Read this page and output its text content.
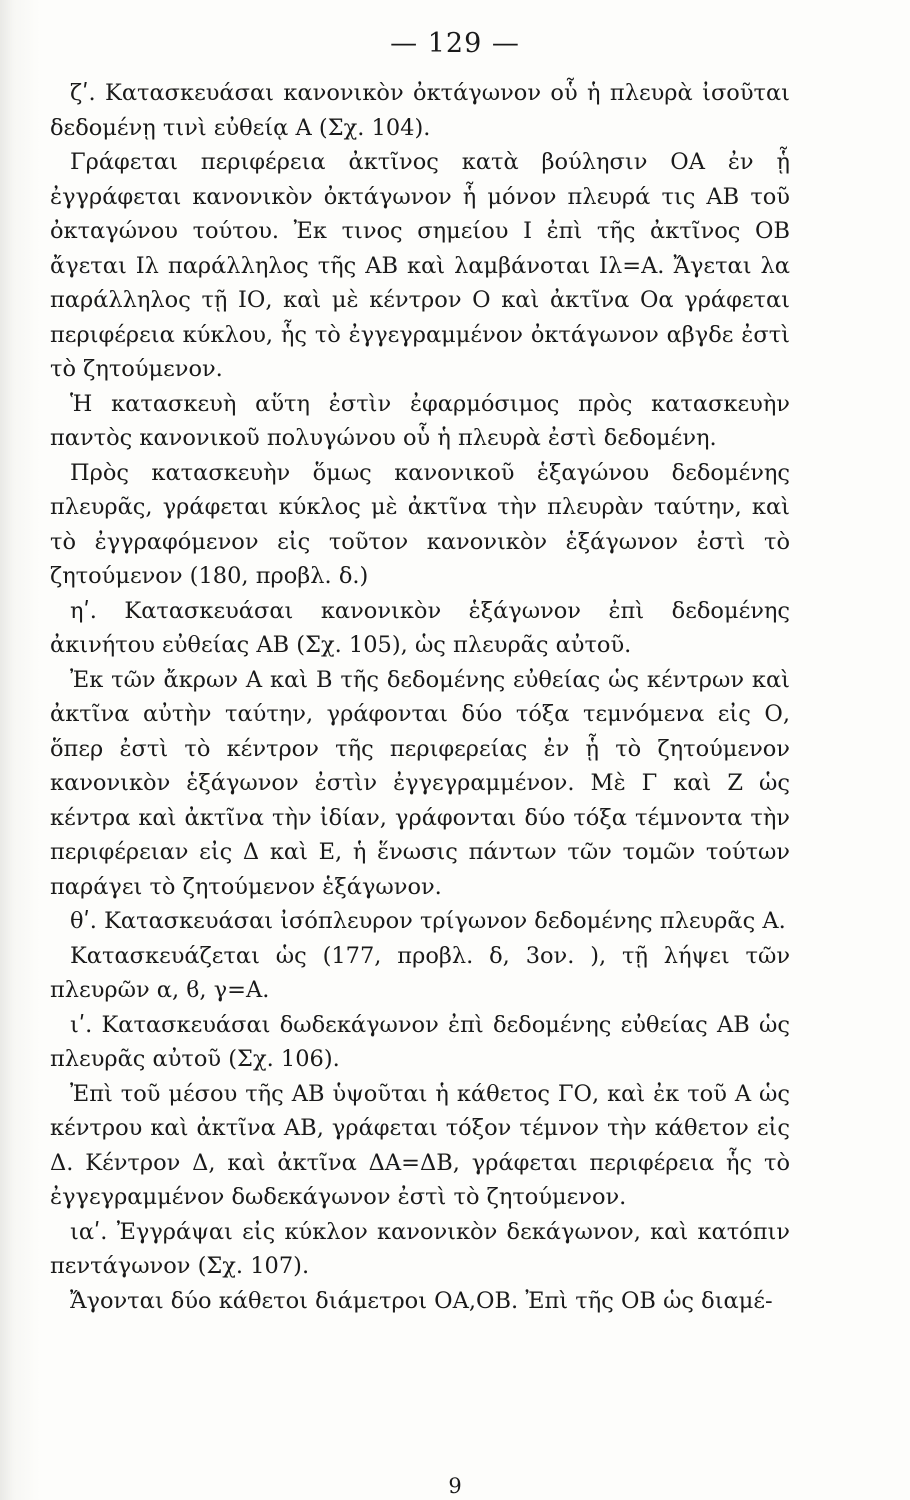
— 129 —

ζʹ. Κατασκευάσαι κανονικὸν ὀκτάγωνον οὗ ἡ πλευρὰ ἰσοῦται δεδομένῃ τινὶ εὐθείᾳ Α (Σχ. 104).

Γράφεται περιφέρεια ἀκτῖνος κατὰ βούλησιν ΟΑ ἐν ᾗ ἐγγράφεται κανονικὸν ὀκτάγωνον ἧ μόνον πλευρά τις ΑΒ τοῦ ὀκταγώνου τούτου. Ἐκ τινος σημείου Ι ἐπὶ τῆς ἀκτῖνος ΟΒ ἄγεται Ιλ παράλληλος τῆς ΑΒ καὶ λαμβάνοται Ιλ=Α. Ἄγεται λα παράλληλος τῇ ΙΟ, καὶ μὲ κέντρον Ο καὶ ἀκτῖνα Οα γράφεται περιφέρεια κύκλου, ἧς τὸ ἐγγεγραμμένον ὀκτάγωνον αβγδε ἐστὶ τὸ ζητούμενον.

Ἡ κατασκευὴ αὕτη ἐστὶν ἐφαρμόσιμος πρὸς κατασκευὴν παντὸς κανονικοῦ πολυγώνου οὗ ἡ πλευρὰ ἐστὶ δεδομένη.

Πρὸς κατασκευὴν ὅμως κανονικοῦ ἑξαγώνου δεδομένης πλευρᾶς, γράφεται κύκλος μὲ ἀκτῖνα τὴν πλευρὰν ταύτην, καὶ τὸ ἐγγραφόμενον εἰς τοῦτον κανονικὸν ἑξάγωνον ἐστὶ τὸ ζητούμενον (180, προβλ. δ.)

ηʹ. Κατασκευάσαι κανονικὸν ἑξάγωνον ἐπὶ δεδομένης ἀκινήτου εὐθείας ΑΒ (Σχ. 105), ὡς πλευρᾶς αὐτοῦ.

Ἐκ τῶν ἄκρων Α καὶ Β τῆς δεδομένης εὐθείας ὡς κέντρων καὶ ἀκτῖνα αὐτὴν ταύτην, γράφονται δύο τόξα τεμνόμενα εἰς Ο, ὅπερ ἐστὶ τὸ κέντρον τῆς περιφερείας ἐν ᾗ τὸ ζητούμενον κανονικὸν ἑξάγωνον ἐστὶν ἐγγεγραμμένον. Μὲ Γ καὶ Ζ ὡς κέντρα καὶ ἀκτῖνα τὴν ἰδίαν, γράφονται δύο τόξα τέμνοντα τὴν περιφέρειαν εἰς Δ καὶ Ε, ἡ ἕνωσις πάντων τῶν τομῶν τούτων παράγει τὸ ζητούμενον ἑξάγωνον.

θʹ. Κατασκευάσαι ἰσόπλευρον τρίγωνον δεδομένης πλευρᾶς Α.

Κατασκευάζεται ὡς (177, προβλ. δ, 3ον. ), τῇ λήψει τῶν πλευρῶν α, ϐ, γ=Α.

ιʹ. Κατασκευάσαι δωδεκάγωνον ἐπὶ δεδομένης εὐθείας ΑΒ ὡς πλευρᾶς αὐτοῦ (Σχ. 106).

Ἐπὶ τοῦ μέσου τῆς ΑΒ ὑψοῦται ἡ κάθετος ΓΟ, καὶ ἐκ τοῦ Α ὡς κέντρου καὶ ἀκτῖνα ΑΒ, γράφεται τόξον τέμνον τὴν κάθετον εἰς Δ. Κέντρον Δ, καὶ ἀκτῖνα ΔΑ=ΔΒ, γράφεται περιφέρεια ἧς τὸ ἐγγεγραμμένον δωδεκάγωνον ἐστὶ τὸ ζητούμενον.

ιαʹ. Ἐγγράψαι εἰς κύκλον κανονικὸν δεκάγωνον, καὶ κατόπιν πεντάγωνον (Σχ. 107).

Ἄγονται δύο κάθετοι διάμετροι ΟΑ,ΟΒ. Ἐπὶ τῆς ΟΒ ὡς διαμέ-

9
